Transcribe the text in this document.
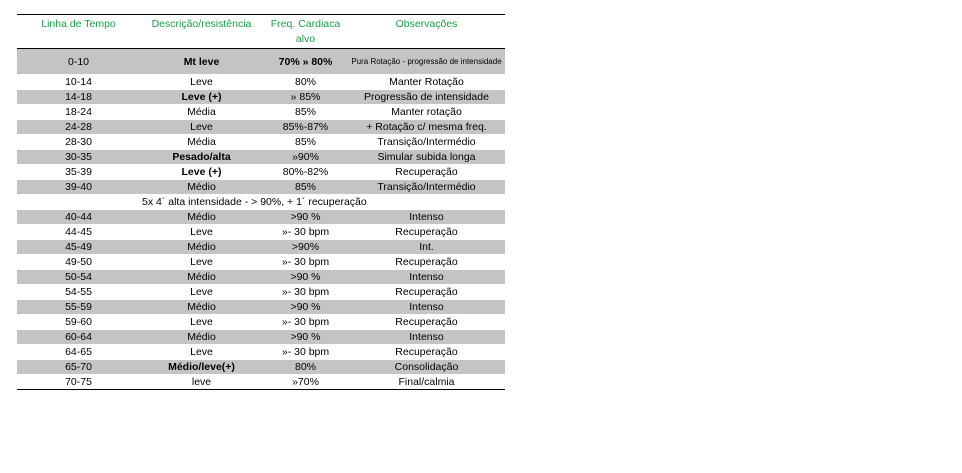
Linha de Tempo	Descrição/resistência	Freq. Cardiaca alvo	Observações
0-10	Mt leve	70% » 80%	Pura Rotação - progressão de intensidade
10-14	Leve	80%	Manter Rotação
14-18	Leve (+)	» 85%	Progressão de intensidade
18-24	Média	85%	Manter rotação
24-28	Leve	85%-87%	+ Rotação c/ mesma freq.
28-30	Média	85%	Transição/Intermédio
30-35	Pesado/alta	»90%	Simular subida longa
35-39	Leve (+)	80%-82%	Recuperação
39-40	Médio	85%	Transição/Intermédio
5x 4´ alta intensidade - > 90%, + 1´ recuperação			
40-44	Médio	>90 %	Intenso
44-45	Leve	»- 30 bpm	Recuperação
45-49	Médio	>90%	Int.
49-50	Leve	»- 30 bpm	Recuperação
50-54	Médio	>90 %	Intenso
54-55	Leve	»- 30 bpm	Recuperação
55-59	Médio	>90 %	Intenso
59-60	Leve	»- 30 bpm	Recuperação
60-64	Médio	>90 %	Intenso
64-65	Leve	»- 30 bpm	Recuperação
65-70	Médio/leve(+)	80%	Consolidação
70-75	leve	»70%	Final/calmia
